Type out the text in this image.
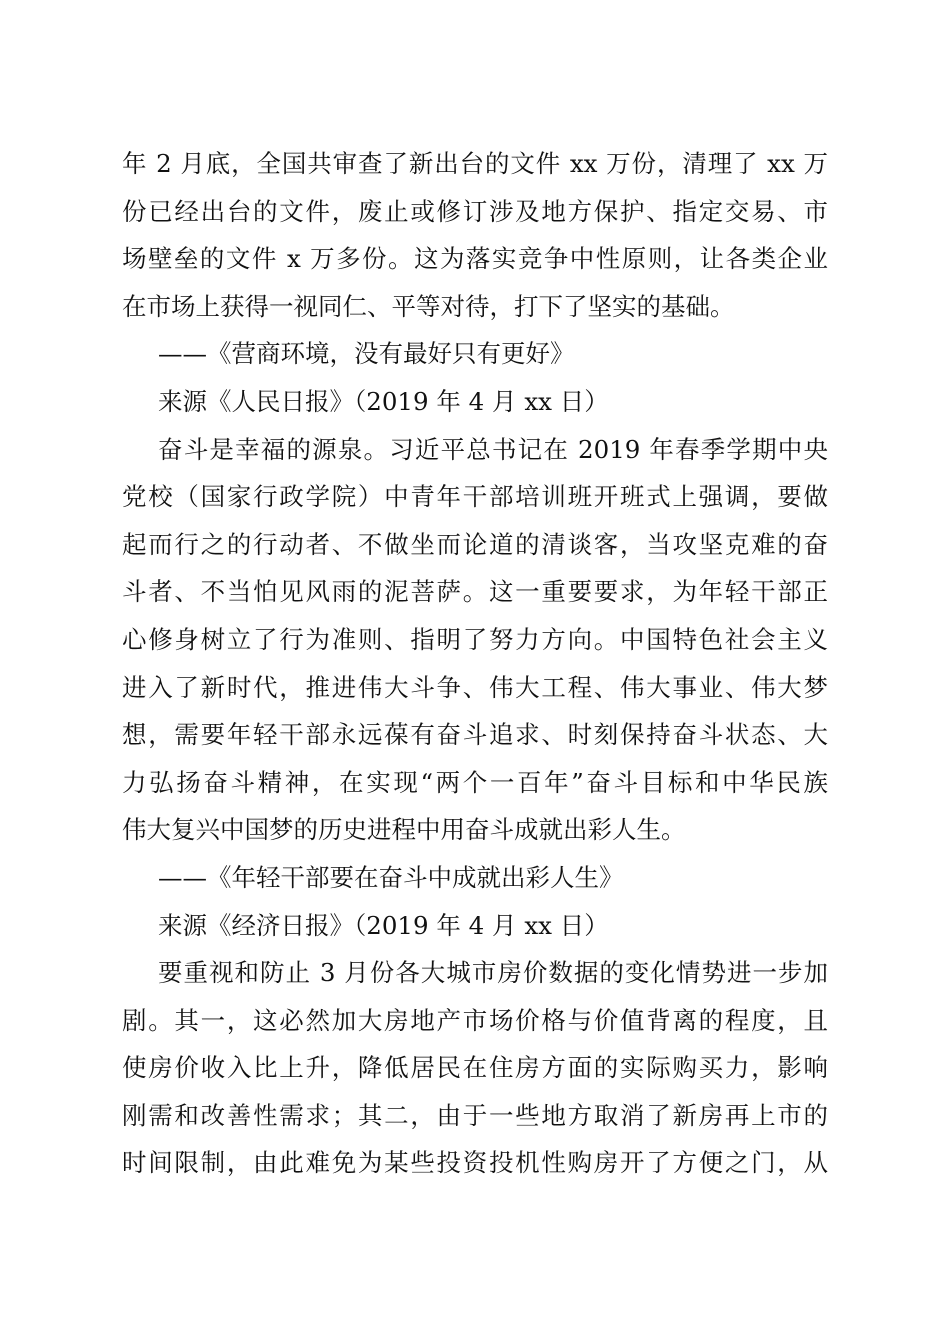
年 2 月底，全国共审查了新出台的文件 xx 万份，清理了 xx 万
份已经出台的文件，废止或修订涉及地方保护、指定交易、市
场壁垒的文件 x 万多份。这为落实竞争中性原则，让各类企业
在市场上获得一视同仁、平等对待，打下了坚实的基础。
——《营商环境，没有最好只有更好》
来源《人民日报》（2019 年 4 月 xx 日）
奋斗是幸福的源泉。习近平总书记在 2019 年春季学期中央
党校（国家行政学院）中青年干部培训班开班式上强调，要做
起而行之的行动者、不做坐而论道的清谈客，当攻坚克难的奋
斗者、不当怕见风雨的泥菩萨。这一重要要求，为年轻干部正
心修身树立了行为准则、指明了努力方向。中国特色社会主义
进入了新时代，推进伟大斗争、伟大工程、伟大事业、伟大梦
想，需要年轻干部永远葆有奋斗追求、时刻保持奋斗状态、大
力弘扬奋斗精神，在实现“两个一百年”奋斗目标和中华民族
伟大复兴中国梦的历史进程中用奋斗成就出彩人生。
——《年轻干部要在奋斗中成就出彩人生》
来源《经济日报》（2019 年 4 月 xx 日）
要重视和防止 3 月份各大城市房价数据的变化情势进一步加
剧。其一，这必然加大房地产市场价格与价值背离的程度，且
使房价收入比上升，降低居民在住房方面的实际购买力，影响
刚需和改善性需求；其二，由于一些地方取消了新房再上市的
时间限制，由此难免为某些投资投机性购房开了方便之门，从
